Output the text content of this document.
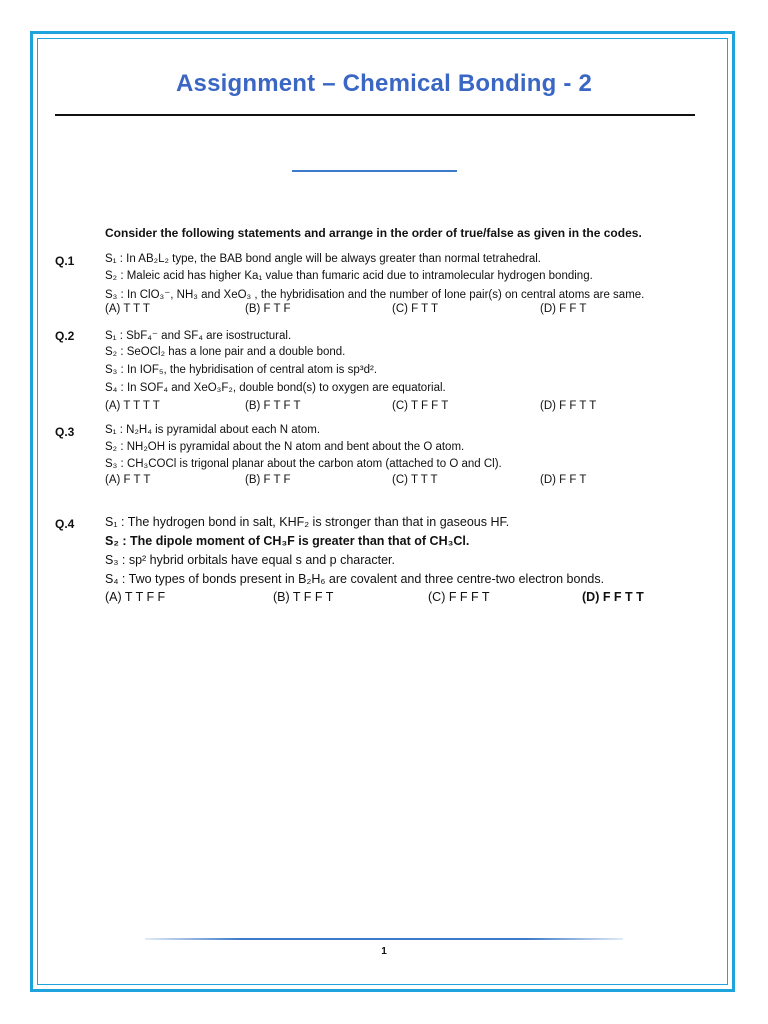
Assignment – Chemical Bonding - 2
Consider the following statements and arrange in the order of true/false as given in the codes.
Q.1	S₁ : In AB₂L₂ type, the BAB bond angle will be always greater than normal tetrahedral.
S₂ : Maleic acid has higher Ka₁ value than fumaric acid due to intramolecular hydrogen bonding.
S₃ : In ClO₃⁻, NH₃ and XeO₃ , the hybridisation and the number of lone pair(s) on central atoms are same.
(A) T T T	(B) F T F	(C) F T T	(D) F F T
Q.2	S₁ : SbF₄⁻ and SF₄ are isostructural.
S₂ : SeOCl₂ has a lone pair and a double bond.
S₃ : In IOF₅, the hybridisation of central atom is sp³d².
S₄ : In SOF₄ and XeO₃F₂, double bond(s) to oxygen are equatorial.
(A) T T T T	(B) F T F T	(C) T F F T	(D) F F T T
Q.3	S₁ : N₂H₄ is pyramidal about each N atom.
S₂ : NH₂OH is pyramidal about the N atom and bent about the O atom.
S₃ : CH₃COCl is trigonal planar about the carbon atom (attached to O and Cl).
(A) F T T	(B) F T F	(C) T T T	(D) F F T
Q.4 S₁ : The hydrogen bond in salt, KHF₂ is stronger than that in gaseous HF.
S₂ : The dipole moment of CH₃F is greater than that of CH₃Cl.
S₃ : sp² hybrid orbitals have equal s and p character.
S₄ : Two types of bonds present in B₂H₆ are covalent and three centre-two electron bonds.
(A) T T F F	(B) T F F T	(C) F F F T	(D) F F T T
1
